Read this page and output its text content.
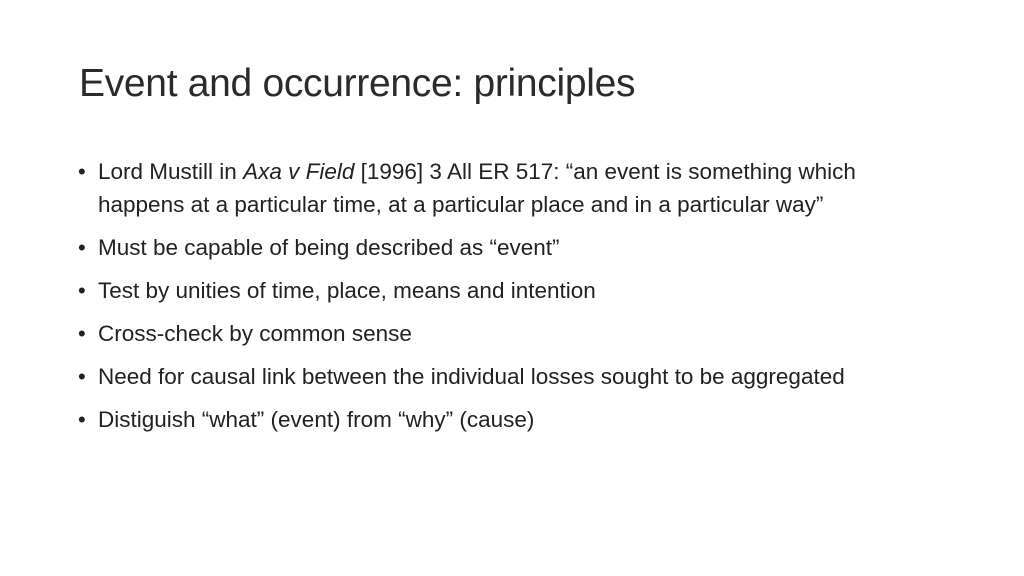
Event and occurrence: principles
• Lord Mustill in Axa v Field [1996] 3 All ER 517: “an event is something which happens at a particular time, at a particular place and in a particular way”
• Must be capable of being described as “event”
• Test by unities of time, place, means and intention
• Cross-check by common sense
• Need for causal link between the individual losses sought to be aggregated
• Distiguish “what” (event) from “why” (cause)
